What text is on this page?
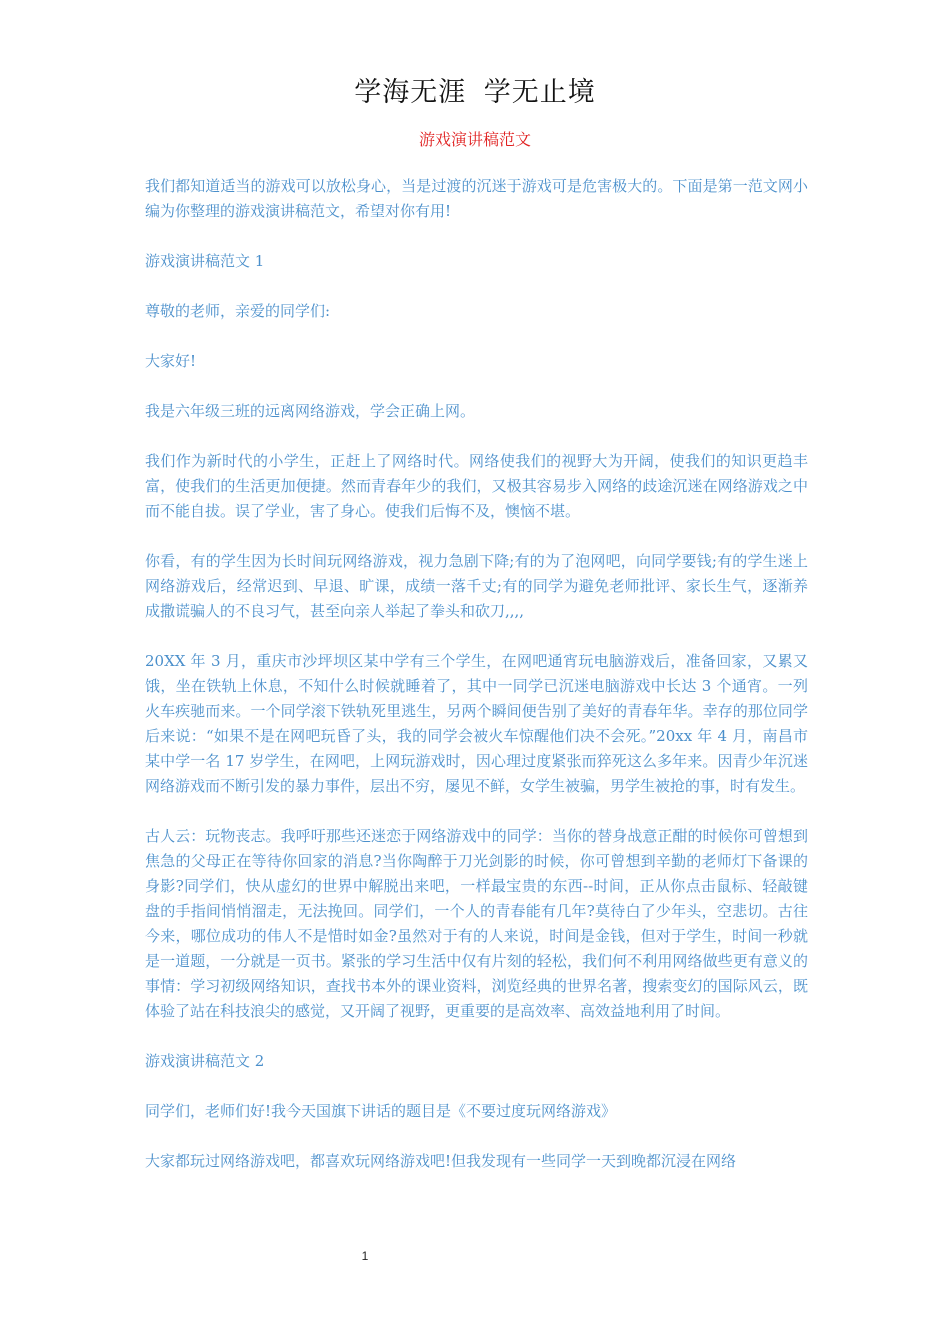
学海无涯 学无止境
游戏演讲稿范文

我们都知道适当的游戏可以放松身心，当是过渡的沉迷于游戏可是危害极大的。下面是第一范文网小编为你整理的游戏演讲稿范文，希望对你有用!

游戏演讲稿范文 1

尊敬的老师，亲爱的同学们:

大家好!

我是六年级三班的远离网络游戏，学会正确上网。

我们作为新时代的小学生，正赶上了网络时代。网络使我们的视野大为开阔，使我们的知识更趋丰富，使我们的生活更加便捷。然而青春年少的我们，又极其容易步入网络的歧途沉迷在网络游戏之中而不能自拔。误了学业，害了身心。使我们后悔不及，懊恼不堪。

你看，有的学生因为长时间玩网络游戏，视力急剧下降;有的为了泡网吧，向同学要钱;有的学生迷上网络游戏后，经常迟到、早退、旷课，成绩一落千丈;有的同学为避免老师批评、家长生气，逐渐养成撒谎骗人的不良习气，甚至向亲人举起了拳头和砍刀,,,,

20XX 年 3 月，重庆市沙坪坝区某中学有三个学生，在网吧通宵玩电脑游戏后，准备回家，又累又饿，坐在铁轨上休息，不知什么时候就睡着了，其中一同学已沉迷电脑游戏中长达 3 个通宵。一列火车疾驰而来。一个同学滚下铁轨死里逃生，另两个瞬间便告别了美好的青春年华。幸存的那位同学后来说：“如果不是在网吧玩昏了头，我的同学会被火车惊醒他们决不会死。”20xx 年 4 月，南昌市某中学一名 17 岁学生，在网吧，上网玩游戏时，因心理过度紧张而猝死这么多年来。因青少年沉迷网络游戏而不断引发的暴力事件，层出不穷，屡见不鲜，女学生被骗，男学生被抢的事，时有发生。

古人云：玩物丧志。我呼吁那些还迷恋于网络游戏中的同学：当你的替身战意正酣的时候你可曾想到焦急的父母正在等待你回家的消息?当你陶醉于刀光剑影的时候，你可曾想到辛勤的老师灯下备课的身影?同学们，快从虚幻的世界中解脱出来吧，一样最宝贵的东西--时间，正从你点击鼠标、轻敲键盘的手指间悄悄溜走，无法挽回。同学们，一个人的青春能有几年?莫待白了少年头，空悲切。古往今来，哪位成功的伟人不是惜时如金?虽然对于有的人来说，时间是金钱，但对于学生，时间一秒就是一道题，一分就是一页书。紧张的学习生活中仅有片刻的轻松，我们何不利用网络做些更有意义的事情：学习初级网络知识，查找书本外的课业资料，浏览经典的世界名著，搜索变幻的国际风云，既体验了站在科技浪尖的感觉，又开阔了视野，更重要的是高效率、高效益地利用了时间。

游戏演讲稿范文 2

同学们，老师们好!我今天国旗下讲话的题目是《不要过度玩网络游戏》

大家都玩过网络游戏吧，都喜欢玩网络游戏吧!但我发现有一些同学一天到晚都沉浸在网络

1
